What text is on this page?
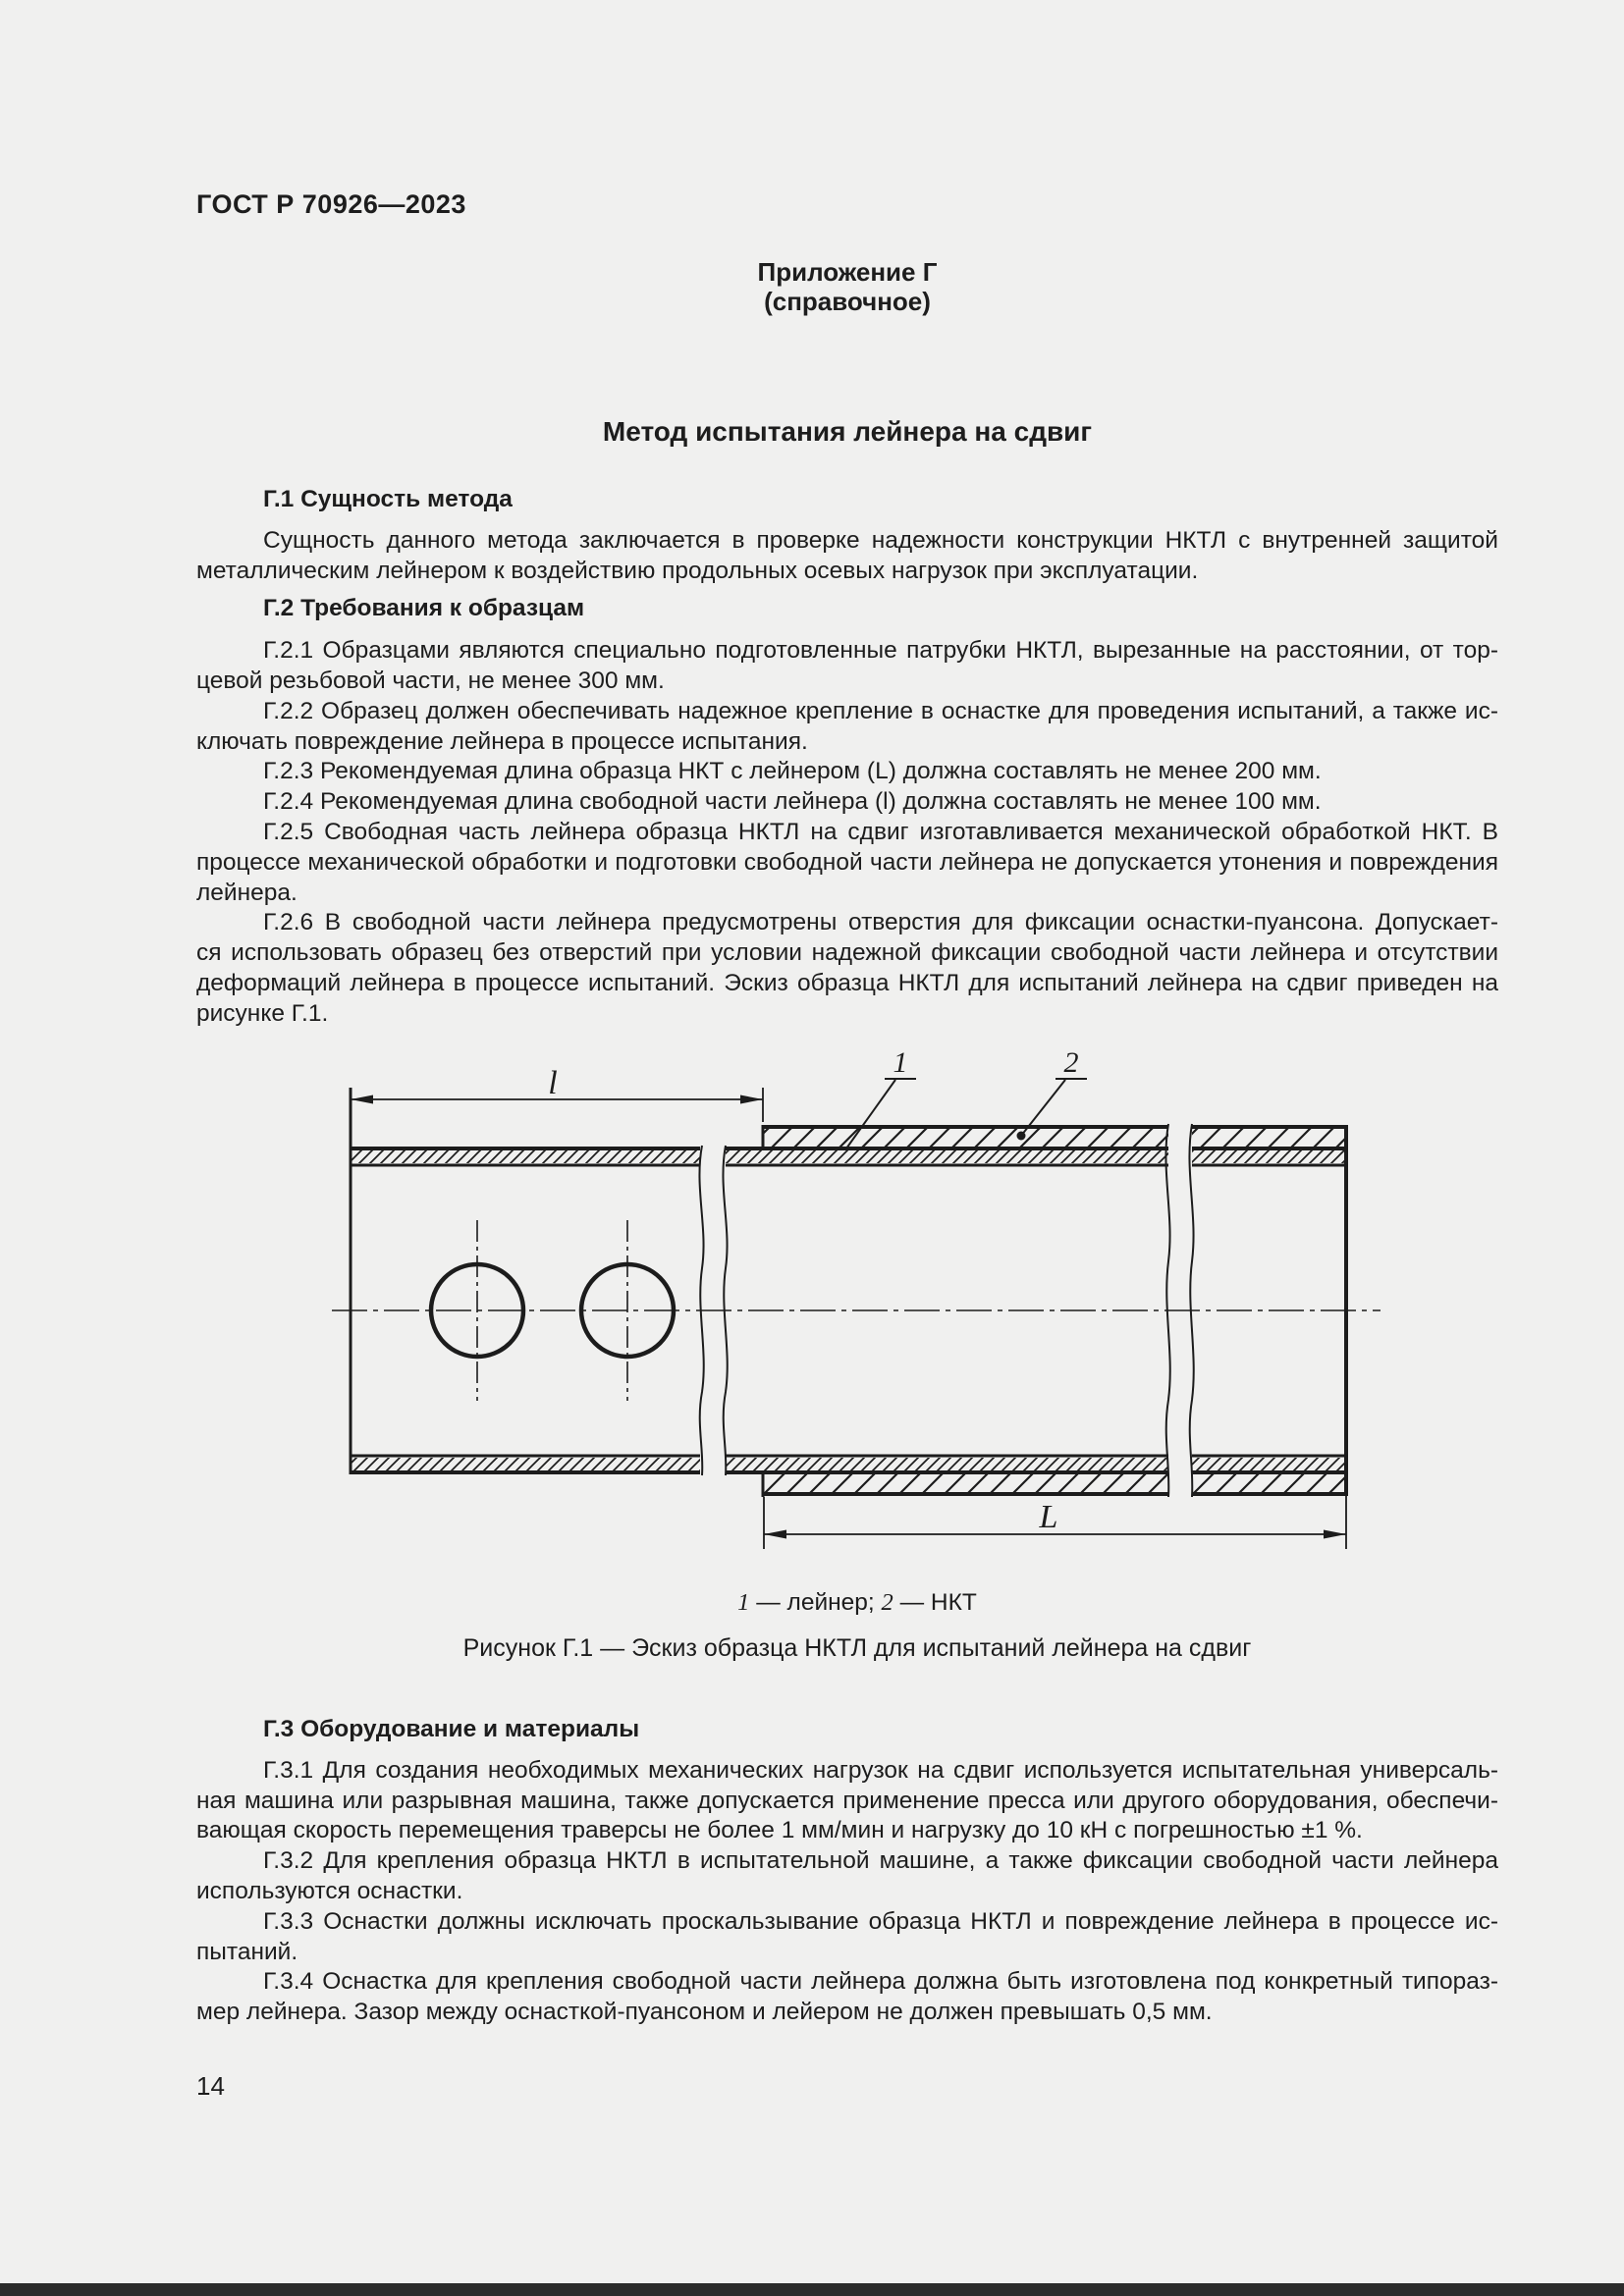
ГОСТ Р 70926—2023
Приложение Г
(справочное)
Метод испытания лейнера на сдвиг
Г.1 Сущность метода
Сущность данного метода заключается в проверке надежности конструкции НКТЛ с внутренней защитой
металлическим лейнером к воздействию продольных осевых нагрузок при эксплуатации.
Г.2 Требования к образцам
Г.2.1 Образцами являются специально подготовленные патрубки НКТЛ, вырезанные на расстоянии, от тор-
цевой резьбовой части, не менее 300 мм.
Г.2.2 Образец должен обеспечивать надежное крепление в оснастке для проведения испытаний, а также ис-
ключать повреждение лейнера в процессе испытания.
Г.2.3 Рекомендуемая длина образца НКТ с лейнером (L) должна составлять не менее 200 мм.
Г.2.4 Рекомендуемая длина свободной части лейнера (l) должна составлять не менее 100 мм.
Г.2.5 Свободная часть лейнера образца НКТЛ на сдвиг изготавливается механической обработкой НКТ. В
процессе механической обработки и подготовки свободной части лейнера не допускается утонения и повреждения
лейнера.
Г.2.6 В свободной части лейнера предусмотрены отверстия для фиксации оснастки-пуансона. Допускает-
ся использовать образец без отверстий при условии надежной фиксации свободной части лейнера и отсутствии
деформаций лейнера в процессе испытаний. Эскиз образца НКТЛ для испытаний лейнера на сдвиг приведен на
рисунке Г.1.
l
L
1	2
1 — лейнер; 2 — НКТ
Рисунок Г.1 — Эскиз образца НКТЛ для испытаний лейнера на сдвиг
Г.3 Оборудование и материалы
Г.3.1 Для создания необходимых механических нагрузок на сдвиг используется испытательная универсаль-
ная машина или разрывная машина, также допускается применение пресса или другого оборудования, обеспечи-
вающая скорость перемещения траверсы не более 1 мм/мин и нагрузку до 10 кН с погрешностью ±1 %.
Г.3.2 Для крепления образца НКТЛ в испытательной машине, а также фиксации свободной части лейнера
используются оснастки.
Г.3.3 Оснастки должны исключать проскальзывание образца НКТЛ и повреждение лейнера в процессе ис-
пытаний.
Г.3.4 Оснастка для крепления свободной части лейнера должна быть изготовлена под конкретный типораз-
мер лейнера. Зазор между оснасткой-пуансоном и лейером не должен превышать 0,5 мм.
14
